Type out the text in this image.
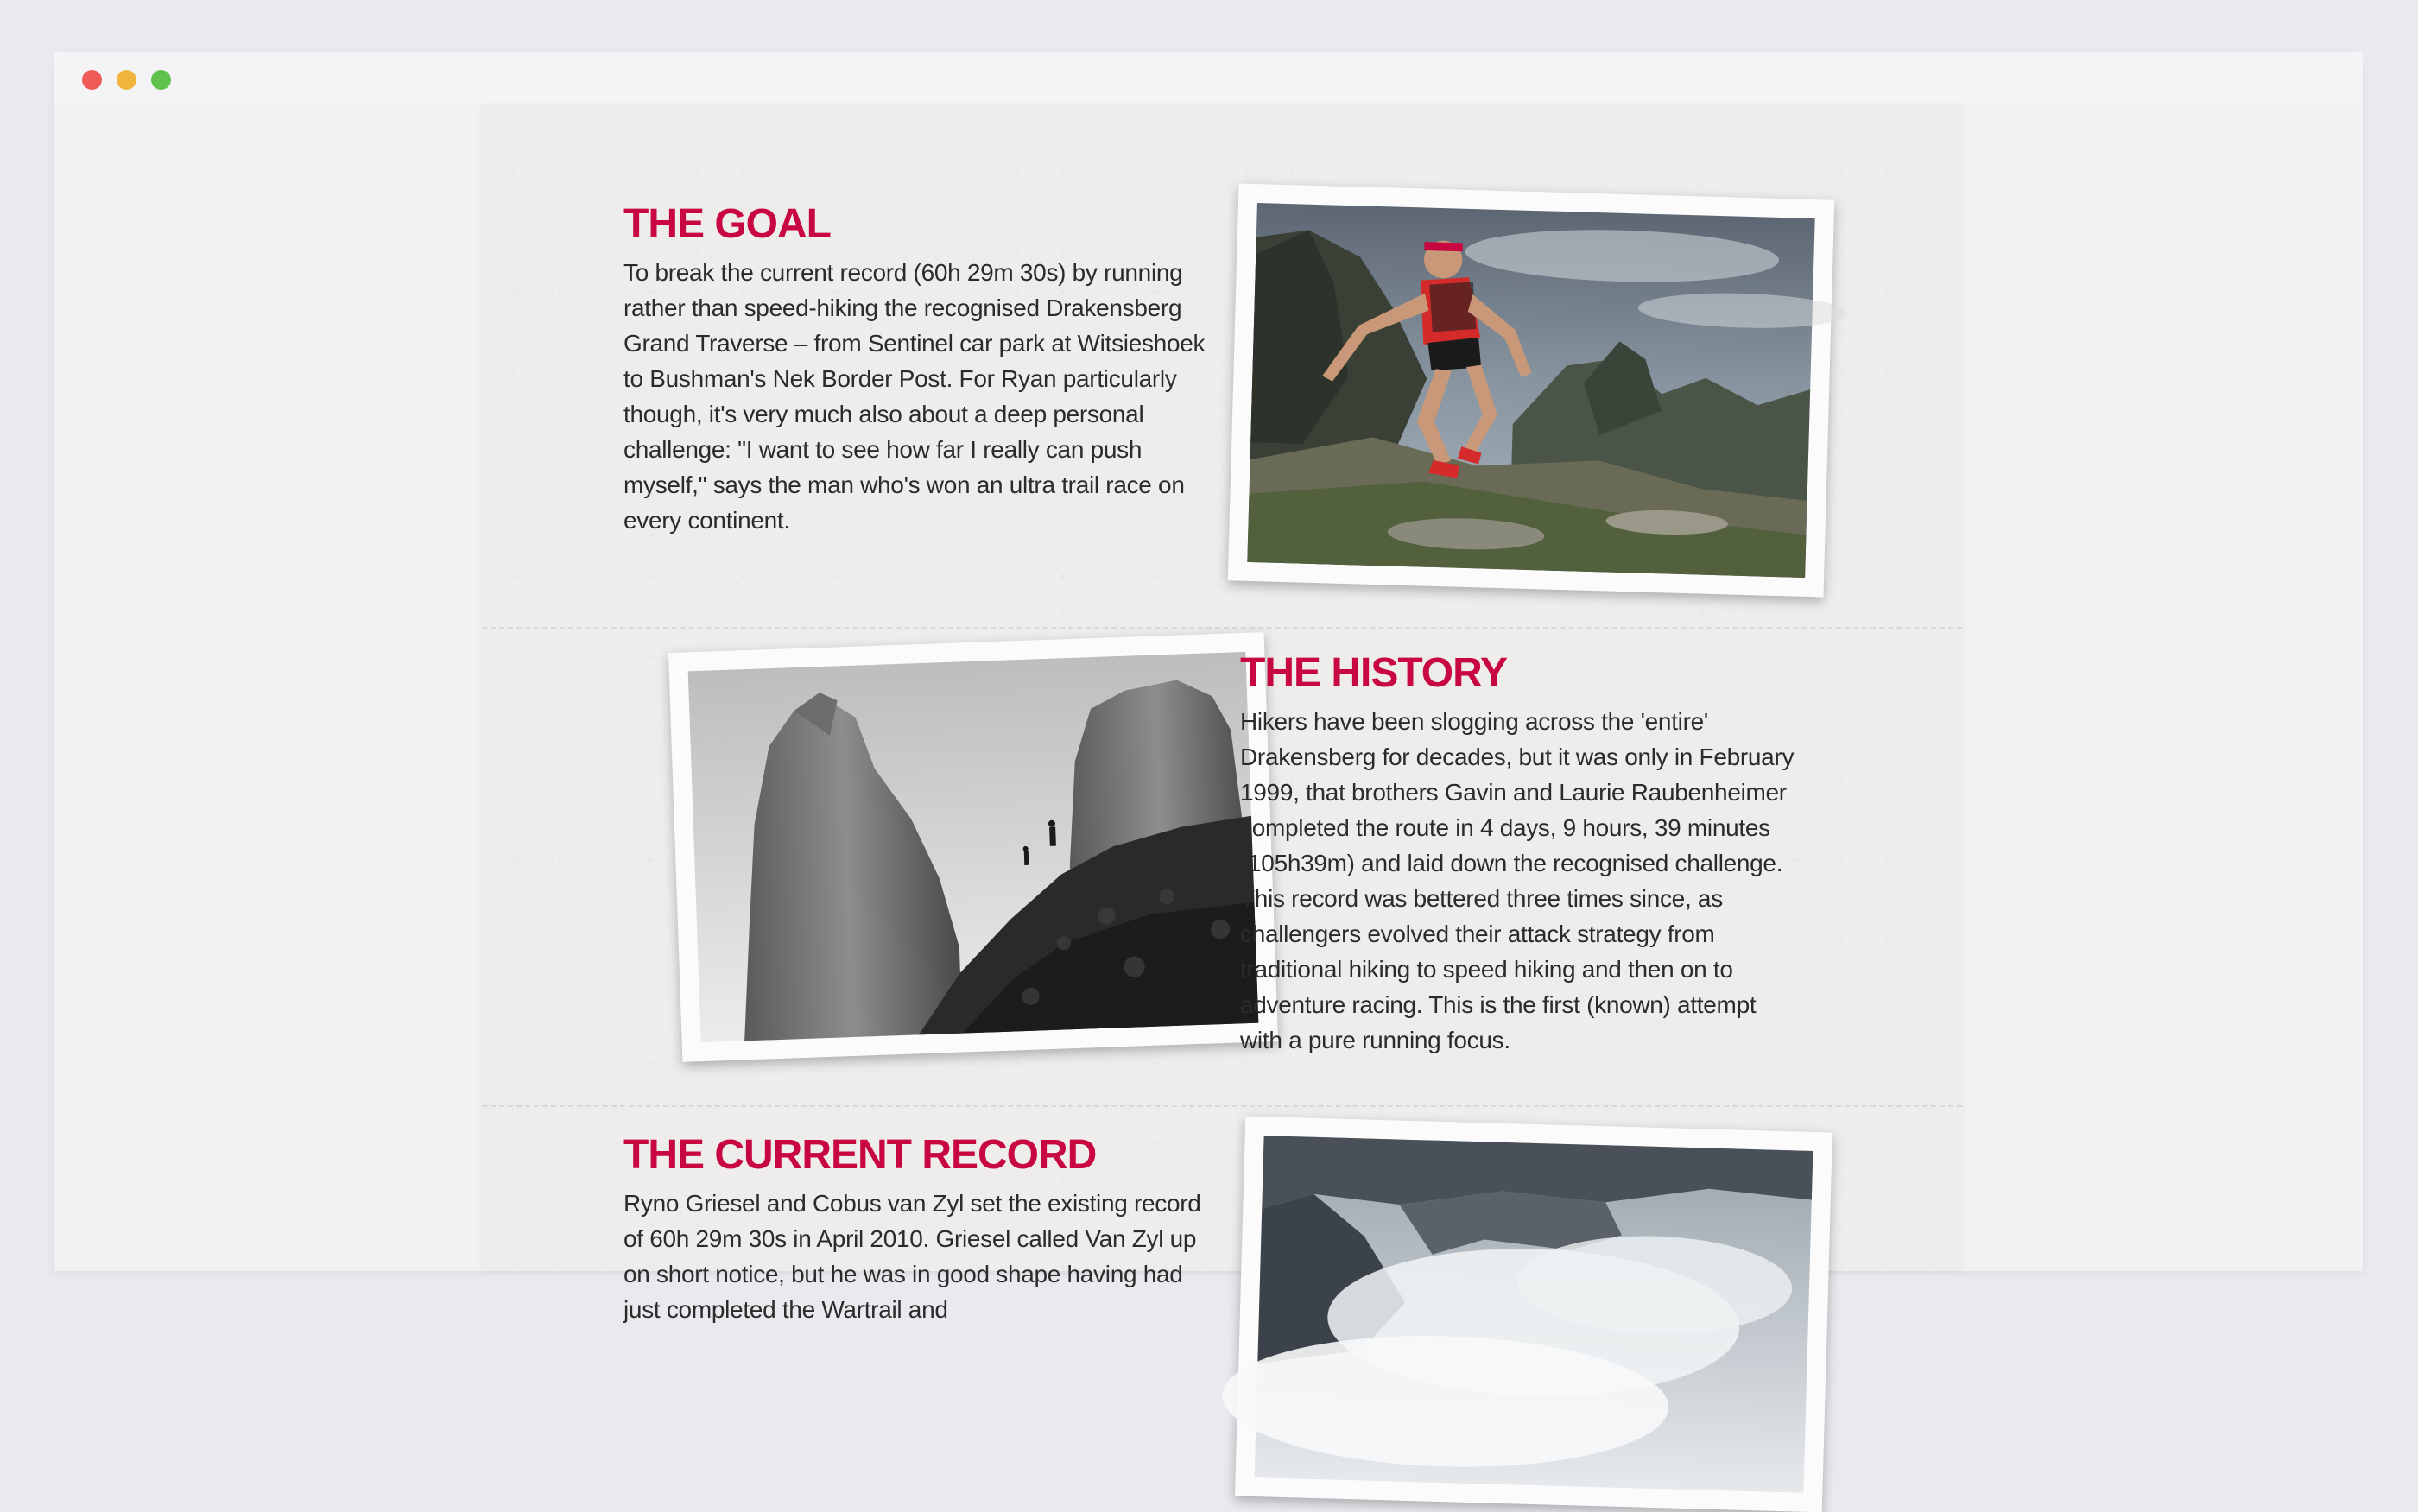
THE GOAL

To break the current record (60h 29m 30s) by running rather than speed-hiking the recognised Drakensberg Grand Traverse – from Sentinel car park at Witsieshoek to Bushman's Nek Border Post. For Ryan particularly though, it's very much also about a deep personal challenge: "I want to see how far I really can push myself," says the man who's won an ultra trail race on every continent.

THE HISTORY

Hikers have been slogging across the 'entire' Drakensberg for decades, but it was only in February 1999, that brothers Gavin and Laurie Raubenheimer completed the route in 4 days, 9 hours, 39 minutes (105h39m) and laid down the recognised challenge. This record was bettered three times since, as challengers evolved their attack strategy from traditional hiking to speed hiking and then on to adventure racing. This is the first (known) attempt with a pure running focus.

THE CURRENT RECORD

Ryno Griesel and Cobus van Zyl set the existing record of 60h 29m 30s in April 2010. Griesel called Van Zyl up on short notice, but he was in good shape having had just completed the Wartrail and
